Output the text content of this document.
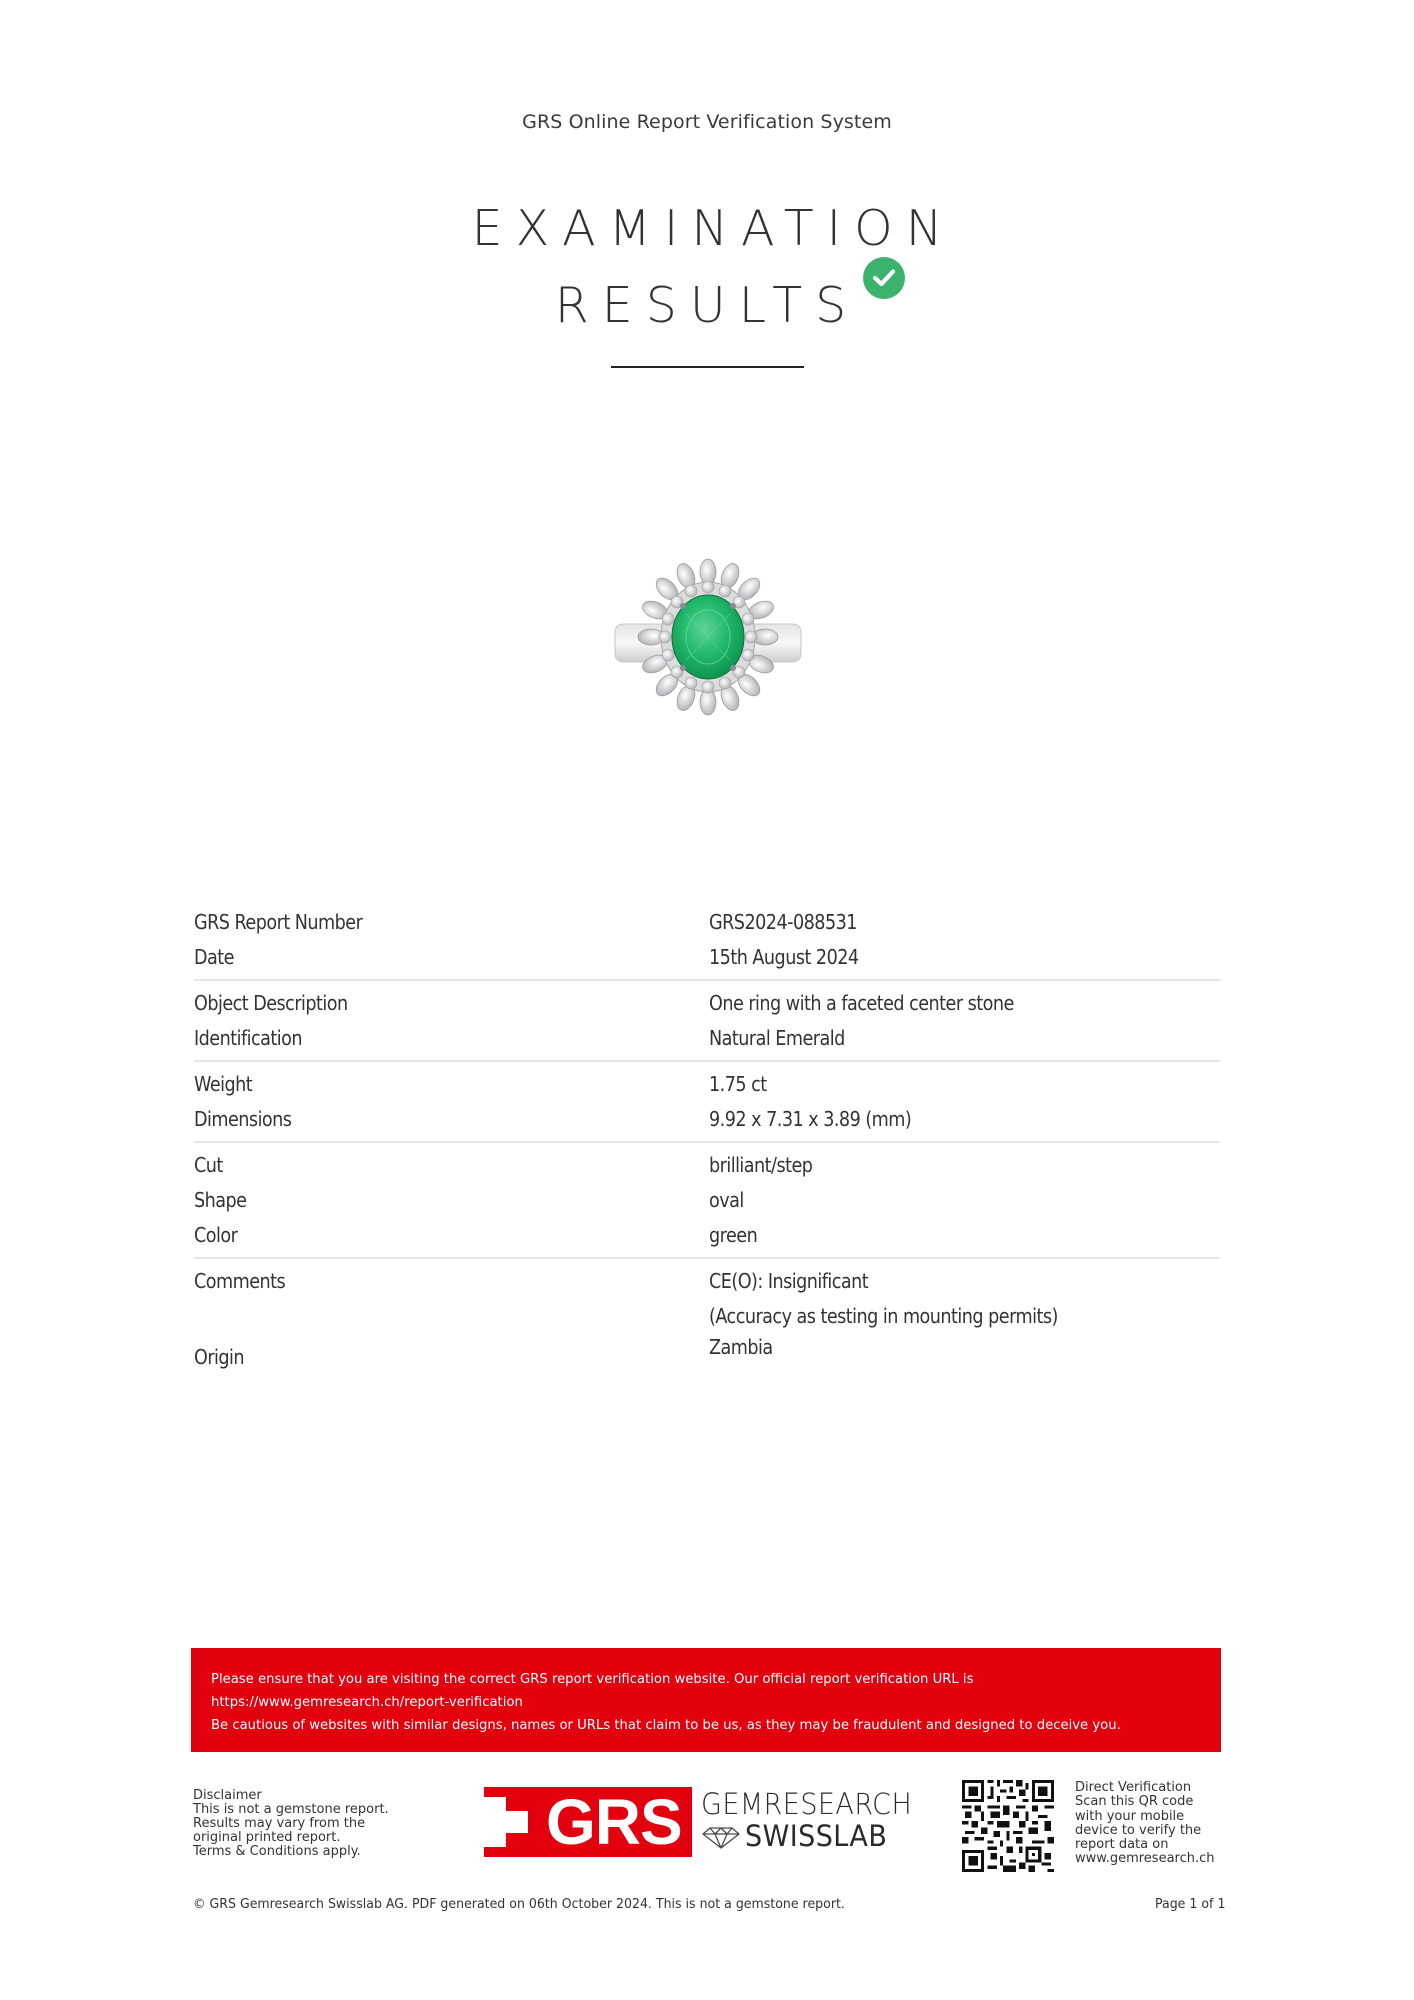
GRS Online Report Verification System
EXAMINATION
RESULTS
GRS Report Number	GRS2024-088531
Date	15th August 2024
Object Description	One ring with a faceted center stone
Identification	Natural Emerald
Weight	1.75 ct
Dimensions	9.92 x 7.31 x 3.89 (mm)
Cut	brilliant/step
Shape	oval
Color	green
Comments	CE(O): Insignificant
(Accuracy as testing in mounting permits)
Origin	Zambia
Please ensure that you are visiting the correct GRS report verification website. Our official report verification URL is
https://www.gemresearch.ch/report-verification
Be cautious of websites with similar designs, names or URLs that claim to be us, as they may be fraudulent and designed to deceive you.
Disclaimer
This is not a gemstone report.
Results may vary from the
original printed report.
Terms & Conditions apply.	GRS GEMRESEARCH
SWISSLAB
Direct Verification
Scan this QR code
with your mobile
device to verify the
report data on
www.gemresearch.ch
© GRS Gemresearch Swisslab AG. PDF generated on 06th October 2024. This is not a gemstone report.	Page 1 of 1
